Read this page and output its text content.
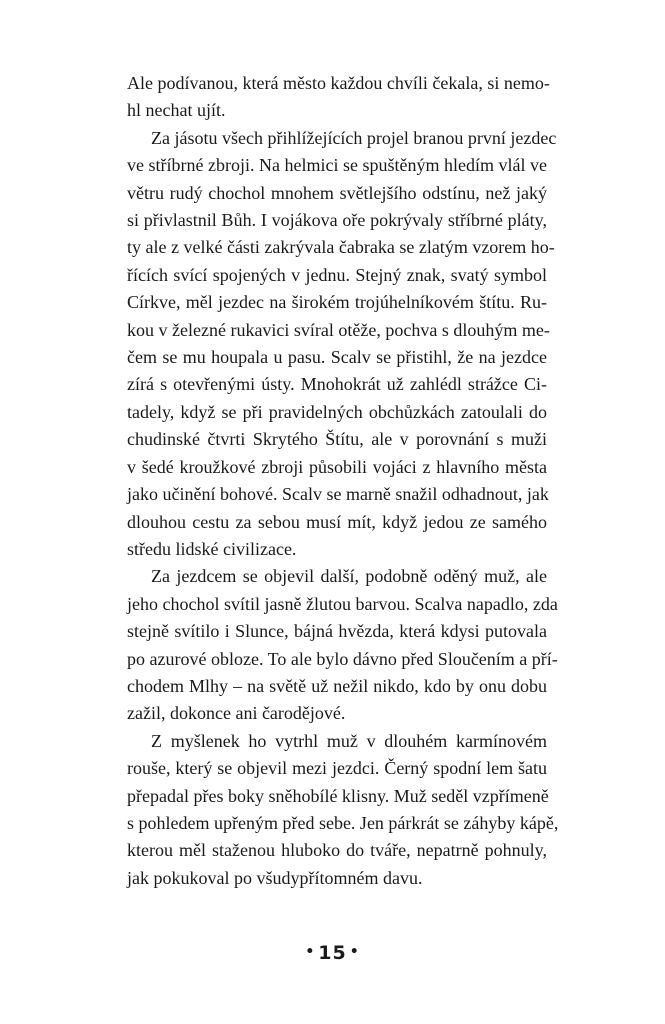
Ale podívanou, která město každou chvíli čekala, si nemo-
hl nechat ujít.
Za jásotu všech přihlížejících projel branou první jezdec
ve stříbrné zbroji. Na helmici se spuštěným hledím vlál ve
větru rudý chochol mnohem světlejšího odstínu, než jaký
si přivlastnil Bůh. I vojákova oře pokrývaly stříbrné pláty,
ty ale z velké části zakrývala čabraka se zlatým vzorem ho-
řících svící spojených v jednu. Stejný znak, svatý symbol
Církve, měl jezdec na širokém trojúhelníkovém štítu. Ru-
kou v železné rukavici svíral otěže, pochva s dlouhým me-
čem se mu houpala u pasu. Scalv se přistihl, že na jezdce
zírá s otevřenými ústy. Mnohokrát už zahlédl strážce Ci-
tadely, když se při pravidelných obchůzkách zatoulali do
chudinské čtvrti Skrytého Štítu, ale v porovnání s muži
v šedé kroužkové zbroji působili vojáci z hlavního města
jako učinění bohové. Scalv se marně snažil odhadnout, jak
dlouhou cestu za sebou musí mít, když jedou ze samého
středu lidské civilizace.
Za jezdcem se objevil další, podobně oděný muž, ale
jeho chochol svítil jasně žlutou barvou. Scalva napadlo, zda
stejně svítilo i Slunce, bájná hvězda, která kdysi putovala
po azurové obloze. To ale bylo dávno před Sloučením a pří-
chodem Mlhy – na světě už nežil nikdo, kdo by onu dobu
zažil, dokonce ani čarodějové.
Z myšlenek ho vytrhl muž v dlouhém karmínovém
rouše, který se objevil mezi jezdci. Černý spodní lem šatu
přepadal přes boky sněhobílé klisny. Muž seděl vzpřímeně
s pohledem upřeným před sebe. Jen párkrát se záhyby kápě,
kterou měl staženou hluboko do tváře, nepatrně pohnuly,
jak pokukoval po všudypřítomném davu.
• 15 •
